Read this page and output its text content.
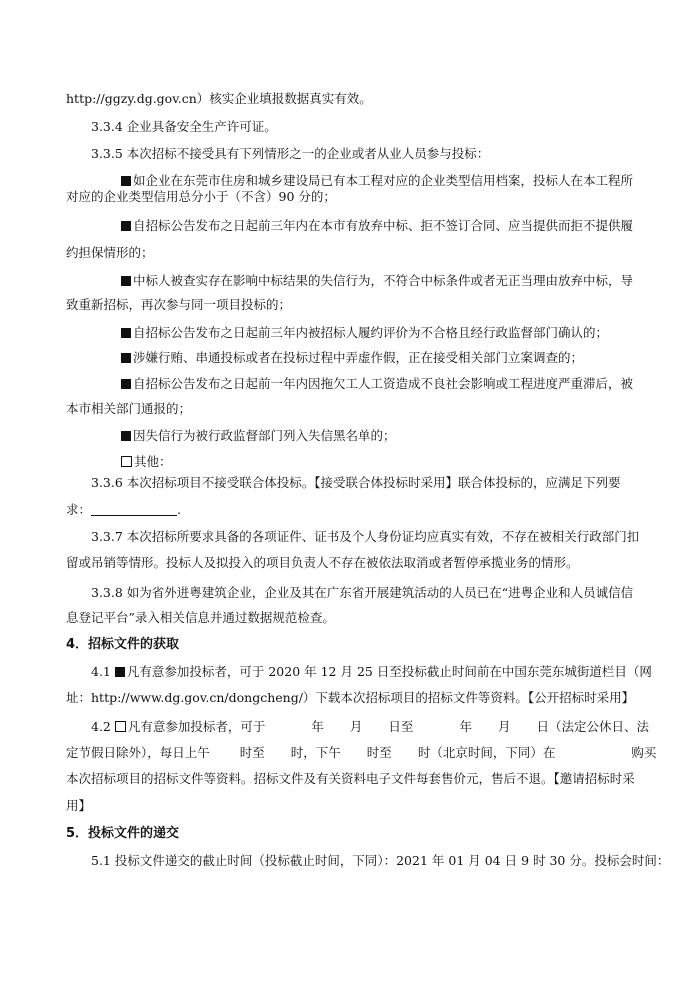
http://ggzy.dg.gov.cn）核实企业填报数据真实有效。
3.3.4 企业具备安全生产许可证。
3.3.5 本次招标不接受具有下列情形之一的企业或者从业人员参与投标：
如企业在东莞市住房和城乡建设局已有本工程对应的企业类型信用档案，投标人在本工程所
对应的企业类型信用总分小于（不含）90 分的；
自招标公告发布之日起前三年内在本市有放弃中标、拒不签订合同、应当提供而拒不提供履
约担保情形的；
中标人被查实存在影响中标结果的失信行为，不符合中标条件或者无正当理由放弃中标，导
致重新招标，再次参与同一项目投标的；
自招标公告发布之日起前三年内被招标人履约评价为不合格且经行政监督部门确认的；
涉嫌行贿、串通投标或者在投标过程中弄虚作假，正在接受相关部门立案调查的；
自招标公告发布之日起前一年内因拖欠工人工资造成不良社会影响或工程进度严重滞后，被
本市相关部门通报的；
因失信行为被行政监督部门列入失信黑名单的；
其他：
3.3.6 本次招标项目不接受联合体投标。【接受联合体投标时采用】联合体投标的，应满足下列要
求：	.
3.3.7 本次招标所要求具备的各项证件、证书及个人身份证均应真实有效，不存在被相关行政部门扣
留或吊销等情形。投标人及拟投入的项目负责人不存在被依法取消或者暂停承揽业务的情形。
3.3.8 如为省外进粤建筑企业，企业及其在广东省开展建筑活动的人员已在“进粤企业和人员诚信信
息登记平台”录入相关信息并通过数据规范检查。
4．招标文件的获取
4.1 凡有意参加投标者，可于 2020 年 12 月 25 日至投标截止时间前在中国东莞东城街道栏目（网
址：http://www.dg.gov.cn/dongcheng/）下载本次招标项目的招标文件等资料。【公开招标时采用】
4.2 凡有意参加投标者，可于	年 月 日至	年 月 日（法定公休日、法
定节假日除外），每日上午 时至 时，下午 时至 时（北京时间，下同）在	购买
本次招标项目的招标文件等资料。招标文件及有关资料电子文件每套售价元，售后不退。【邀请招标时采
用】
5．投标文件的递交
5.1 投标文件递交的截止时间（投标截止时间，下同）：2021 年 01 月 04 日 9 时 30 分。投标会时间：
